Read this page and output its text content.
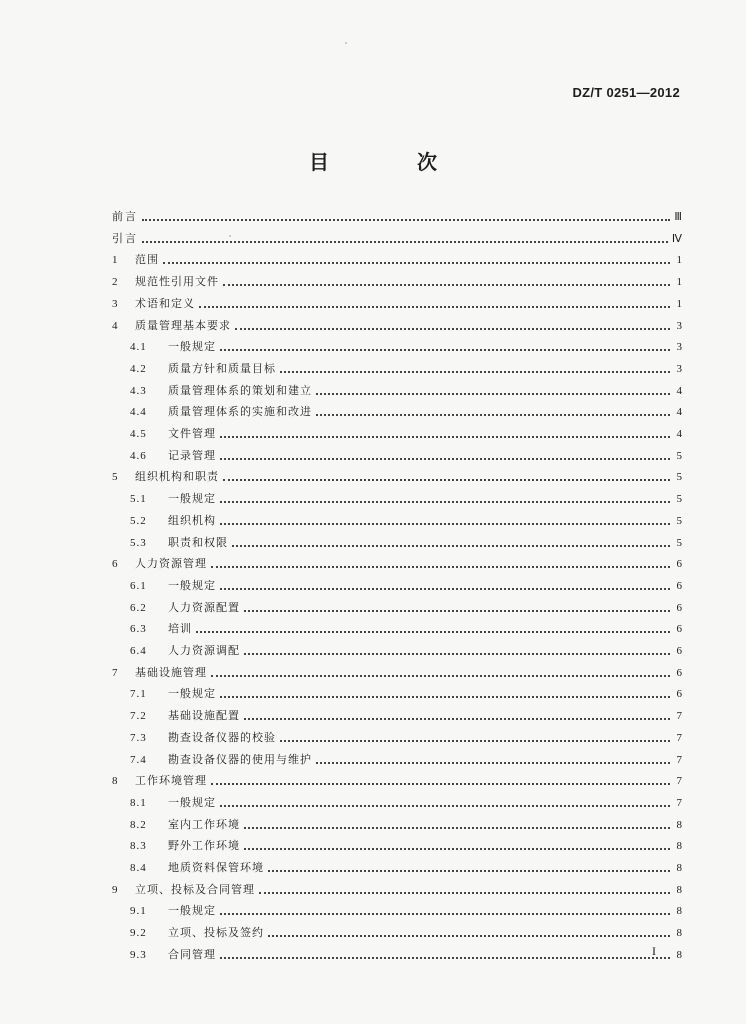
DZ/T 0251—2012
目　次
前言	Ⅲ
引言	Ⅳ
1	范围	1
2	规范性引用文件	1
3	术语和定义	1
4	质量管理基本要求	3
4.1	一般规定	3
4.2	质量方针和质量目标	3
4.3	质量管理体系的策划和建立	4
4.4	质量管理体系的实施和改进	4
4.5	文件管理	4
4.6	记录管理	5
5	组织机构和职责	5
5.1	一般规定	5
5.2	组织机构	5
5.3	职责和权限	5
6	人力资源管理	6
6.1	一般规定	6
6.2	人力资源配置	6
6.3	培训	6
6.4	人力资源调配	6
7	基础设施管理	6
7.1	一般规定	6
7.2	基础设施配置	7
7.3	勘查设备仪器的校验	7
7.4	勘查设备仪器的使用与维护	7
8	工作环境管理	7
8.1	一般规定	7
8.2	室内工作环境	8
8.3	野外工作环境	8
8.4	地质资料保管环境	8
9	立项、投标及合同管理	8
9.1	一般规定	8
9.2	立项、投标及签约	8
9.3	合同管理	8
I
